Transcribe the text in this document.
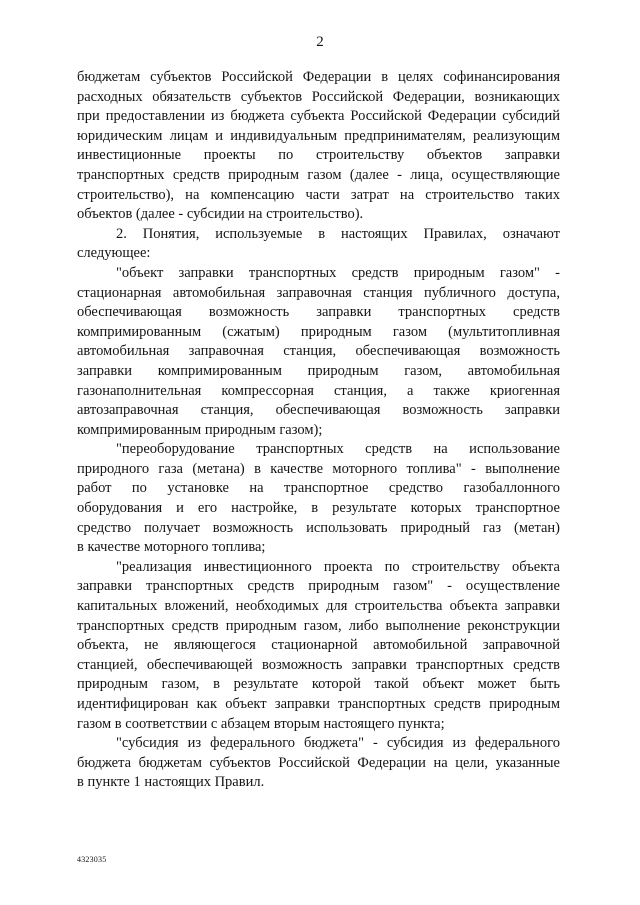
2
бюджетам субъектов Российской Федерации в целях софинансирования
расходных обязательств субъектов Российской Федерации, возникающих
при предоставлении из бюджета субъекта Российской Федерации субсидий
юридическим лицам и индивидуальным предпринимателям, реализующим
инвестиционные проекты по строительству объектов заправки
транспортных средств природным газом (далее - лица, осуществляющие
строительство), на компенсацию части затрат на строительство таких
объектов (далее - субсидии на строительство).
2. Понятия, используемые в настоящих Правилах, означают
следующее:
"объект заправки транспортных средств природным газом" -
стационарная автомобильная заправочная станция публичного доступа,
обеспечивающая возможность заправки транспортных средств
компримированным (сжатым) природным газом (мультитопливная
автомобильная заправочная станция, обеспечивающая возможность
заправки компримированным природным газом, автомобильная
газонаполнительная компрессорная станция, а также криогенная
автозаправочная станция, обеспечивающая возможность заправки
компримированным природным газом);
"переоборудование транспортных средств на использование
природного газа (метана) в качестве моторного топлива" - выполнение
работ по установке на транспортное средство газобаллонного
оборудования и его настройке, в результате которых транспортное
средство получает возможность использовать природный газ (метан)
в качестве моторного топлива;
"реализация инвестиционного проекта по строительству объекта
заправки транспортных средств природным газом" - осуществление
капитальных вложений, необходимых для строительства объекта заправки
транспортных средств природным газом, либо выполнение реконструкции
объекта, не являющегося стационарной автомобильной заправочной
станцией, обеспечивающей возможность заправки транспортных средств
природным газом, в результате которой такой объект может быть
идентифицирован как объект заправки транспортных средств природным
газом в соответствии с абзацем вторым настоящего пункта;
"субсидия из федерального бюджета" - субсидия из федерального
бюджета бюджетам субъектов Российской Федерации на цели, указанные
в пункте 1 настоящих Правил.
4323035
